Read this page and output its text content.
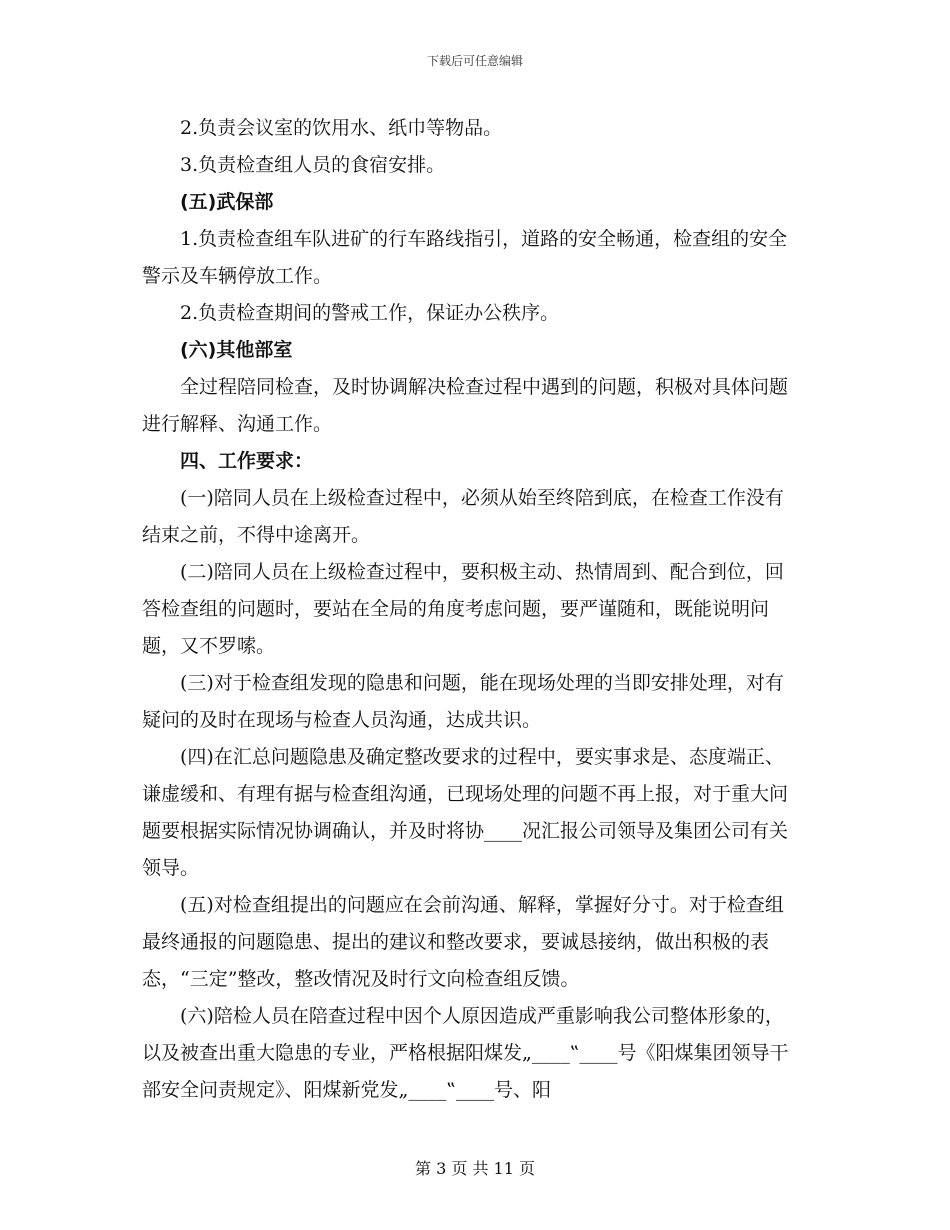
下载后可任意编辑

2.负责会议室的饮用水、纸巾等物品。

3.负责检查组人员的食宿安排。

(五)武保部

1.负责检查组车队进矿的行车路线指引，道路的安全畅通，检查组的安全警示及车辆停放工作。

2.负责检查期间的警戒工作，保证办公秩序。

(六)其他部室

全过程陪同检查，及时协调解决检查过程中遇到的问题，积极对具体问题进行解释、沟通工作。

四、工作要求：

(一)陪同人员在上级检查过程中，必须从始至终陪到底，在检查工作没有结束之前，不得中途离开。

(二)陪同人员在上级检查过程中，要积极主动、热情周到、配合到位，回答检查组的问题时，要站在全局的角度考虑问题，要严谨随和，既能说明问题，又不罗嗦。

(三)对于检查组发现的隐患和问题，能在现场处理的当即安排处理，对有疑问的及时在现场与检查人员沟通，达成共识。

(四)在汇总问题隐患及确定整改要求的过程中，要实事求是、态度端正、谦虚缓和、有理有据与检查组沟通，已现场处理的问题不再上报，对于重大问题要根据实际情况协调确认，并及时将协____况汇报公司领导及集团公司有关领导。

(五)对检查组提出的问题应在会前沟通、解释，掌握好分寸。对于检查组最终通报的问题隐患、提出的建议和整改要求，要诚恳接纳，做出积极的表态，“三定”整改，整改情况及时行文向检查组反馈。

(六)陪检人员在陪查过程中因个人原因造成严重影响我公司整体形象的，以及被查出重大隐患的专业，严格根据阳煤发„____‟____号《阳煤集团领导干部安全问责规定》、阳煤新党发„____‟____号、阳

第 3 页 共 11 页
